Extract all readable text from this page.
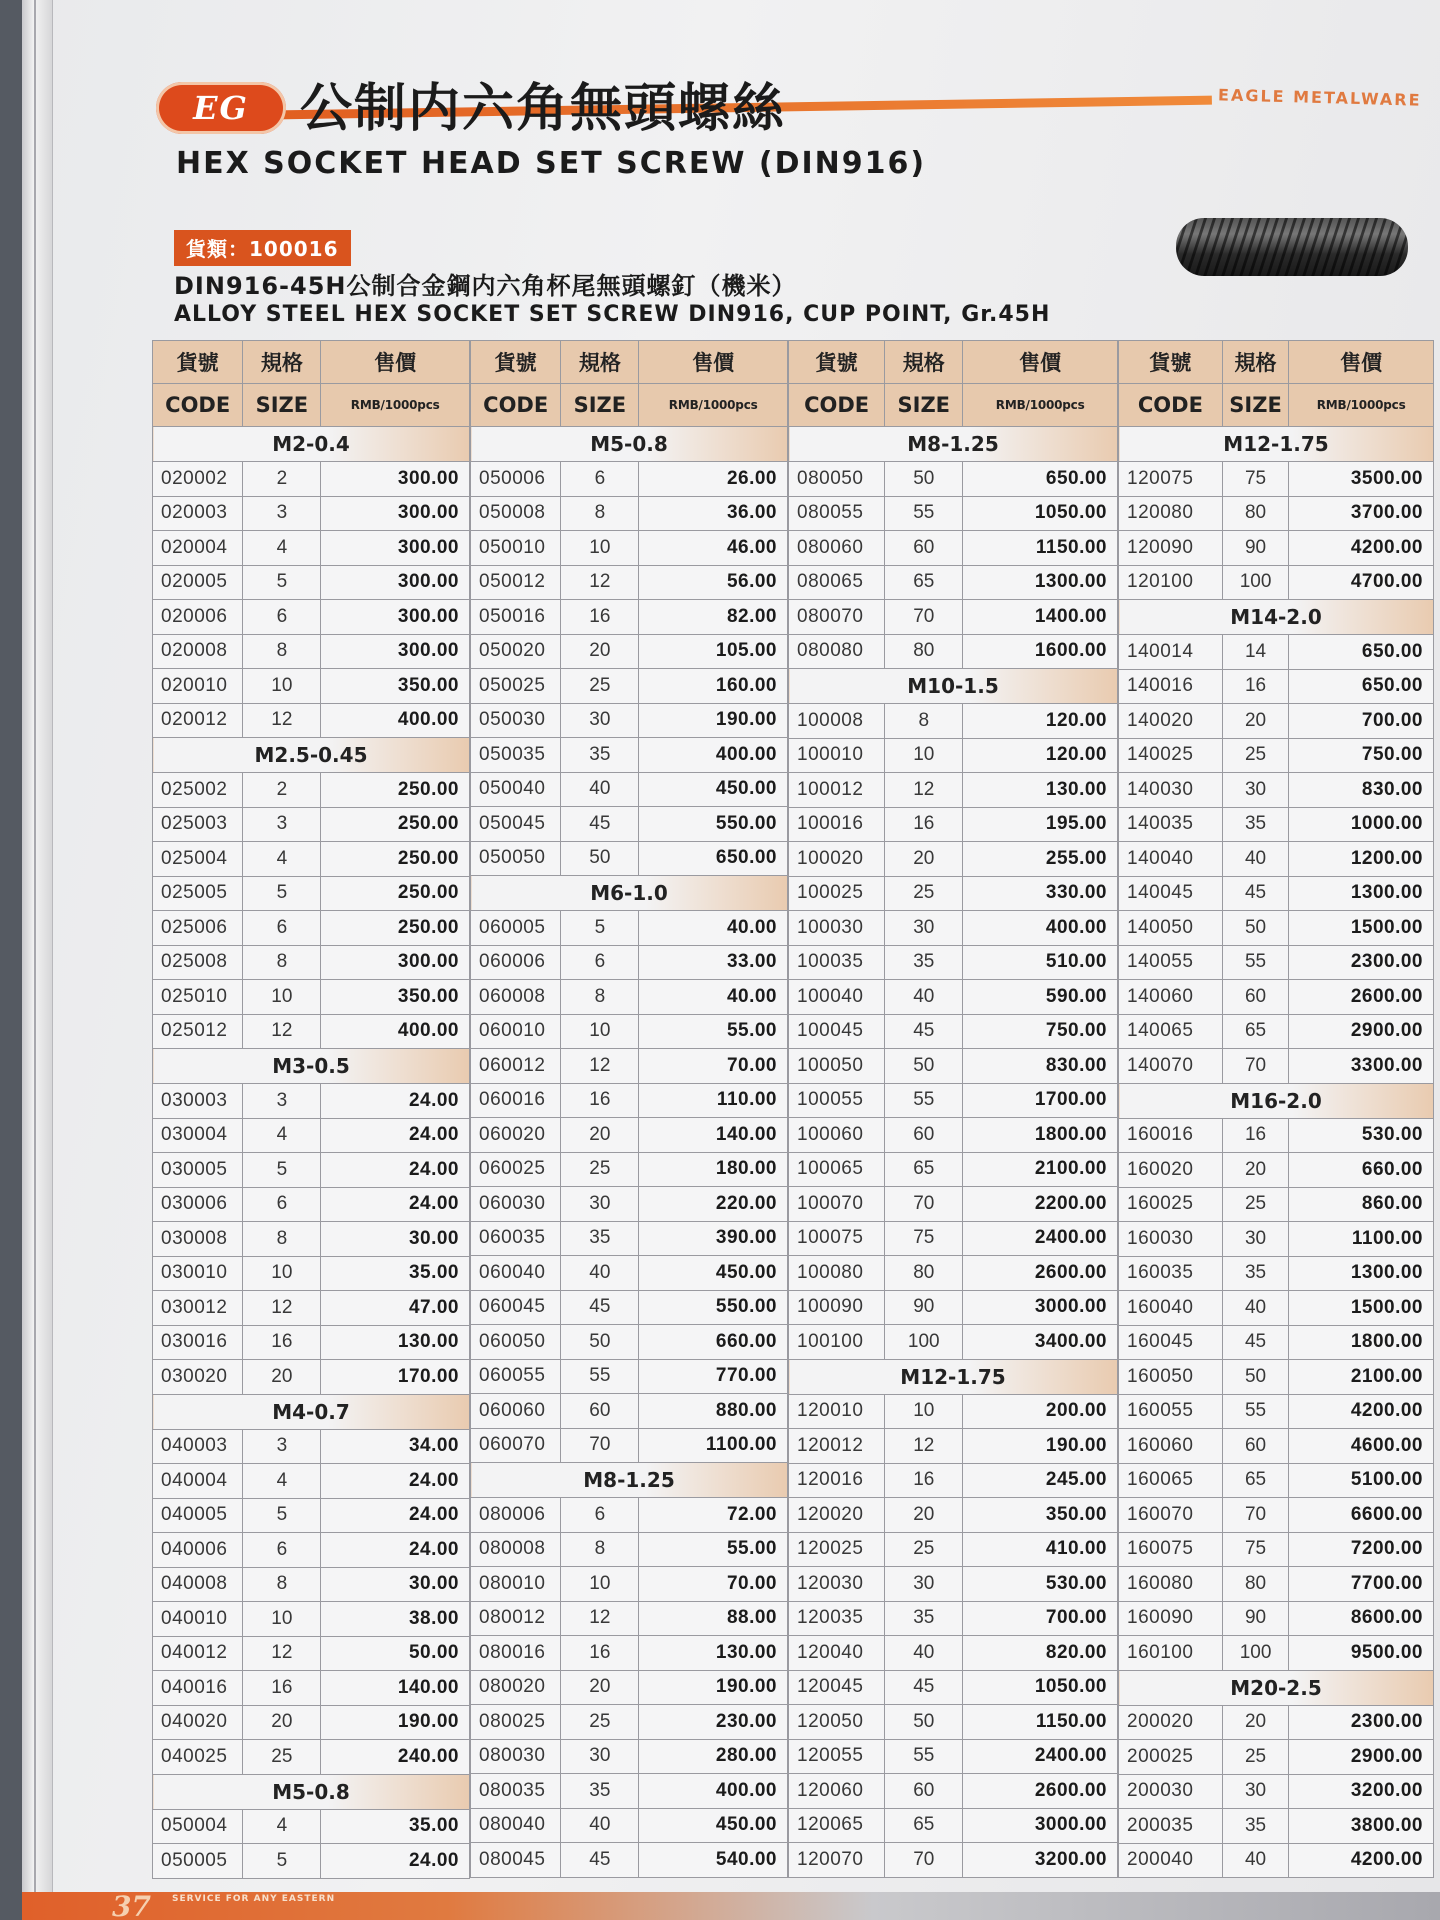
EG 公制内六角無頭螺絲	EAGLE METALWARE
HEX SOCKET HEAD SET SCREW (DIN916)
貨類：100016
DIN916-45H公制合金鋼内六角杯尾無頭螺釘（機米）
ALLOY STEEL HEX SOCKET SET SCREW DIN916, CUP POINT, Gr.45H
貨號	規格	售價
CODE	SIZE	RMB/1000pcs
M2-0.4		
020002	2	300.00
020003	3	300.00
020004	4	300.00
020005	5	300.00
020006	6	300.00
020008	8	300.00
020010	10	350.00
020012	12	400.00
M2.5-0.45		
025002	2	250.00
025003	3	250.00
025004	4	250.00
025005	5	250.00
025006	6	250.00
025008	8	300.00
025010	10	350.00
025012	12	400.00
M3-0.5		
030003	3	24.00
030004	4	24.00
030005	5	24.00
030006	6	24.00
030008	8	30.00
030010	10	35.00
030012	12	47.00
030016	16	130.00
030020	20	170.00
M4-0.7		
040003	3	34.00
040004	4	24.00
040005	5	24.00
040006	6	24.00
040008	8	30.00
040010	10	38.00
040012	12	50.00
040016	16	140.00
040020	20	190.00
040025	25	240.00
M5-0.8		
050004	4	35.00
050005	5	24.00
貨號	規格	售價
CODE	SIZE	RMB/1000pcs
M5-0.8		
050006	6	26.00
050008	8	36.00
050010	10	46.00
050012	12	56.00
050016	16	82.00
050020	20	105.00
050025	25	160.00
050030	30	190.00
050035	35	400.00
050040	40	450.00
050045	45	550.00
050050	50	650.00
M6-1.0		
060005	5	40.00
060006	6	33.00
060008	8	40.00
060010	10	55.00
060012	12	70.00
060016	16	110.00
060020	20	140.00
060025	25	180.00
060030	30	220.00
060035	35	390.00
060040	40	450.00
060045	45	550.00
060050	50	660.00
060055	55	770.00
060060	60	880.00
060070	70	1100.00
M8-1.25		
080006	6	72.00
080008	8	55.00
080010	10	70.00
080012	12	88.00
080016	16	130.00
080020	20	190.00
080025	25	230.00
080030	30	280.00
080035	35	400.00
080040	40	450.00
080045	45	540.00
貨號	規格	售價
CODE	SIZE	RMB/1000pcs
M8-1.25		
080050	50	650.00
080055	55	1050.00
080060	60	1150.00
080065	65	1300.00
080070	70	1400.00
080080	80	1600.00
M10-1.5		
100008	8	120.00
100010	10	120.00
100012	12	130.00
100016	16	195.00
100020	20	255.00
100025	25	330.00
100030	30	400.00
100035	35	510.00
100040	40	590.00
100045	45	750.00
100050	50	830.00
100055	55	1700.00
100060	60	1800.00
100065	65	2100.00
100070	70	2200.00
100075	75	2400.00
100080	80	2600.00
100090	90	3000.00
100100	100	3400.00
M12-1.75		
120010	10	200.00
120012	12	190.00
120016	16	245.00
120020	20	350.00
120025	25	410.00
120030	30	530.00
120035	35	700.00
120040	40	820.00
120045	45	1050.00
120050	50	1150.00
120055	55	2400.00
120060	60	2600.00
120065	65	3000.00
120070	70	3200.00
貨號	規格	售價
CODE	SIZE	RMB/1000pcs
M12-1.75		
120075	75	3500.00
120080	80	3700.00
120090	90	4200.00
120100	100	4700.00
M14-2.0		
140014	14	650.00
140016	16	650.00
140020	20	700.00
140025	25	750.00
140030	30	830.00
140035	35	1000.00
140040	40	1200.00
140045	45	1300.00
140050	50	1500.00
140055	55	2300.00
140060	60	2600.00
140065	65	2900.00
140070	70	3300.00
M16-2.0		
160016	16	530.00
160020	20	660.00
160025	25	860.00
160030	30	1100.00
160035	35	1300.00
160040	40	1500.00
160045	45	1800.00
160050	50	2100.00
160055	55	4200.00
160060	60	4600.00
160065	65	5100.00
160070	70	6600.00
160075	75	7200.00
160080	80	7700.00
160090	90	8600.00
160100	100	9500.00
M20-2.5		
200020	20	2300.00
200025	25	2900.00
200030	30	3200.00
200035	35	3800.00
200040	40	4200.00
37 SERVICE FOR ANY EASTERN
